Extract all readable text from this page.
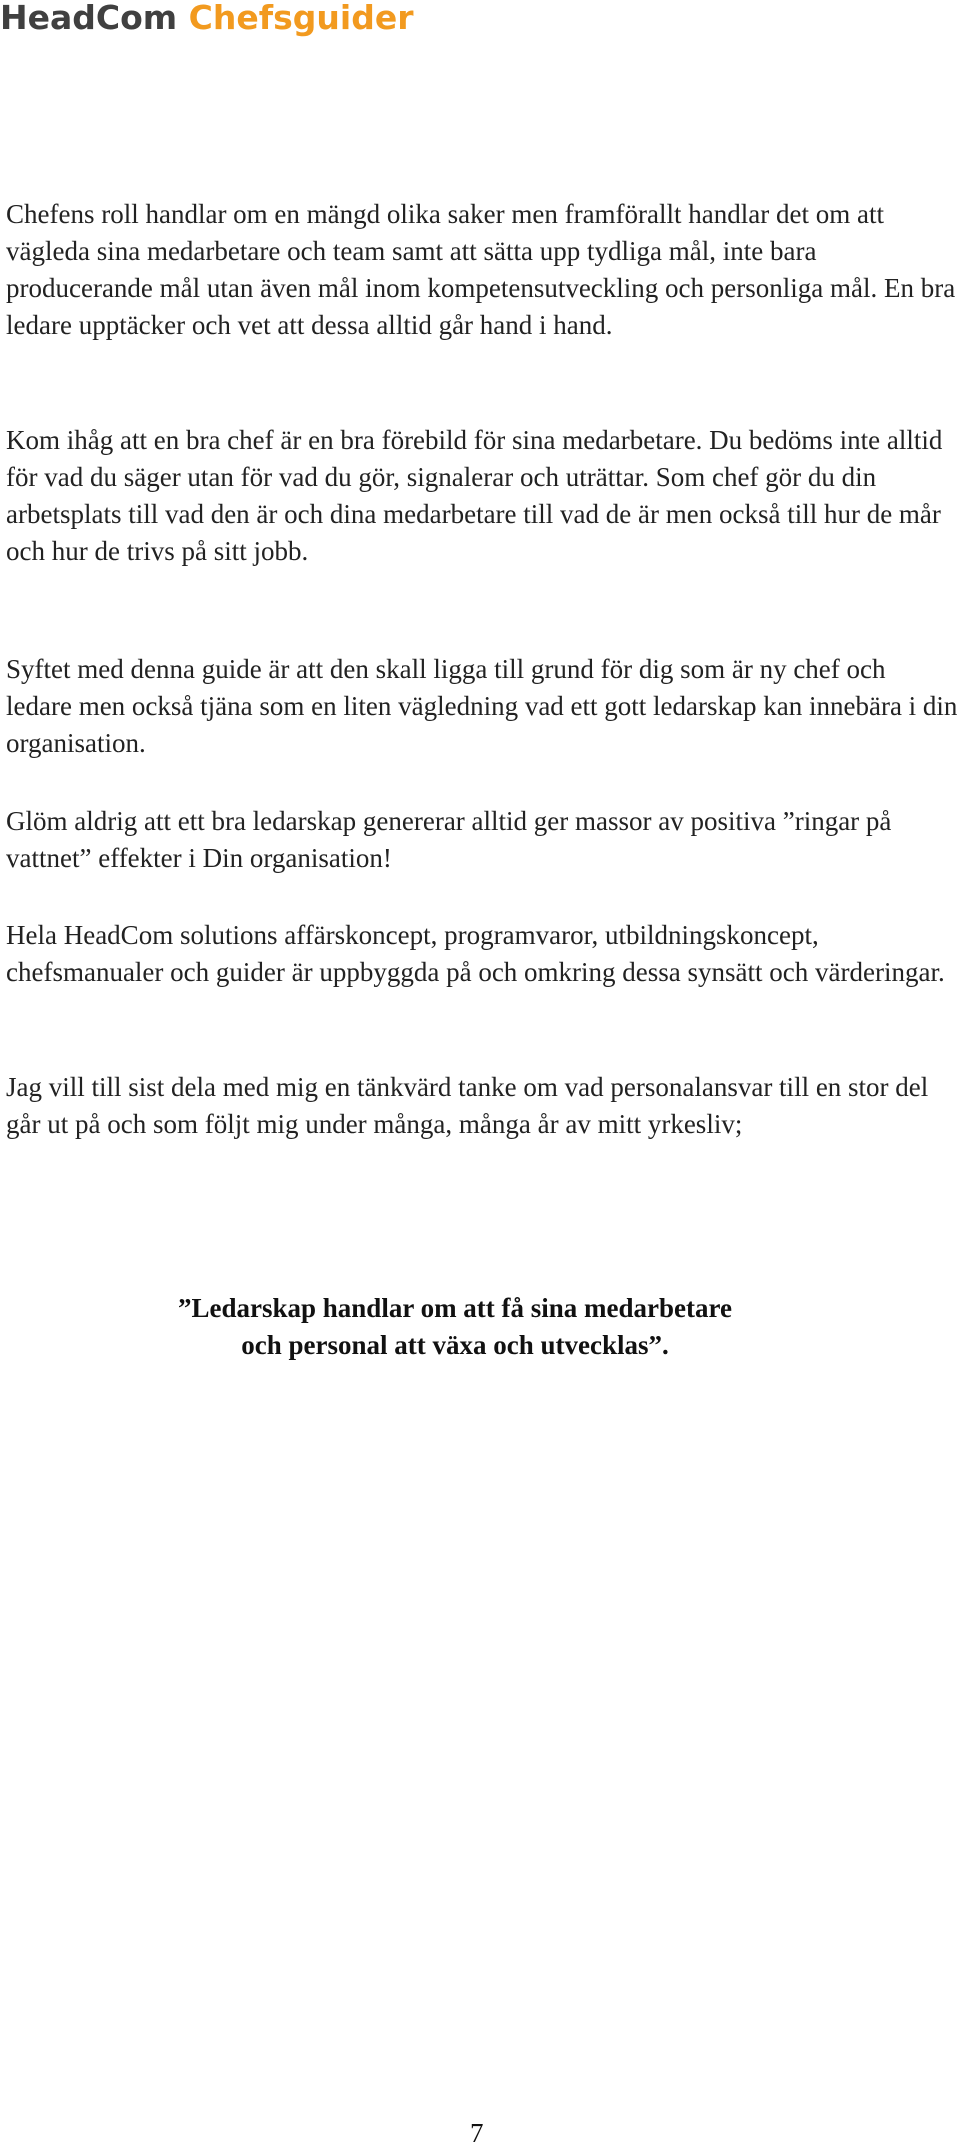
HeadCom Chefsguider

Chefens roll handlar om en mängd olika saker men framförallt handlar det om att vägleda sina medarbetare och team samt att sätta upp tydliga mål, inte bara producerande mål utan även mål inom kompetensutveckling och personliga mål. En bra ledare upptäcker och vet att dessa alltid går hand i hand.

Kom ihåg att en bra chef är en bra förebild för sina medarbetare. Du bedöms inte alltid för vad du säger utan för vad du gör, signalerar och uträttar. Som chef gör du din arbetsplats till vad den är och dina medarbetare till vad de är men också till hur de mår och hur de trivs på sitt jobb.

Syftet med denna guide är att den skall ligga till grund för dig som är ny chef och ledare men också tjäna som en liten vägledning vad ett gott ledarskap kan innebära i din organisation.

Glöm aldrig att ett bra ledarskap genererar alltid ger massor av positiva ”ringar på vattnet” effekter i Din organisation!

Hela HeadCom solutions affärskoncept, programvaror, utbildningskoncept, chefsmanualer och guider är uppbyggda på och omkring dessa synsätt och värderingar.

Jag vill till sist dela med mig en tänkvärd tanke om vad personalansvar till en stor del går ut på och som följt mig under många, många år av mitt yrkesliv;

”Ledarskap handlar om att få sina medarbetare
och personal att växa och utvecklas”.
7
